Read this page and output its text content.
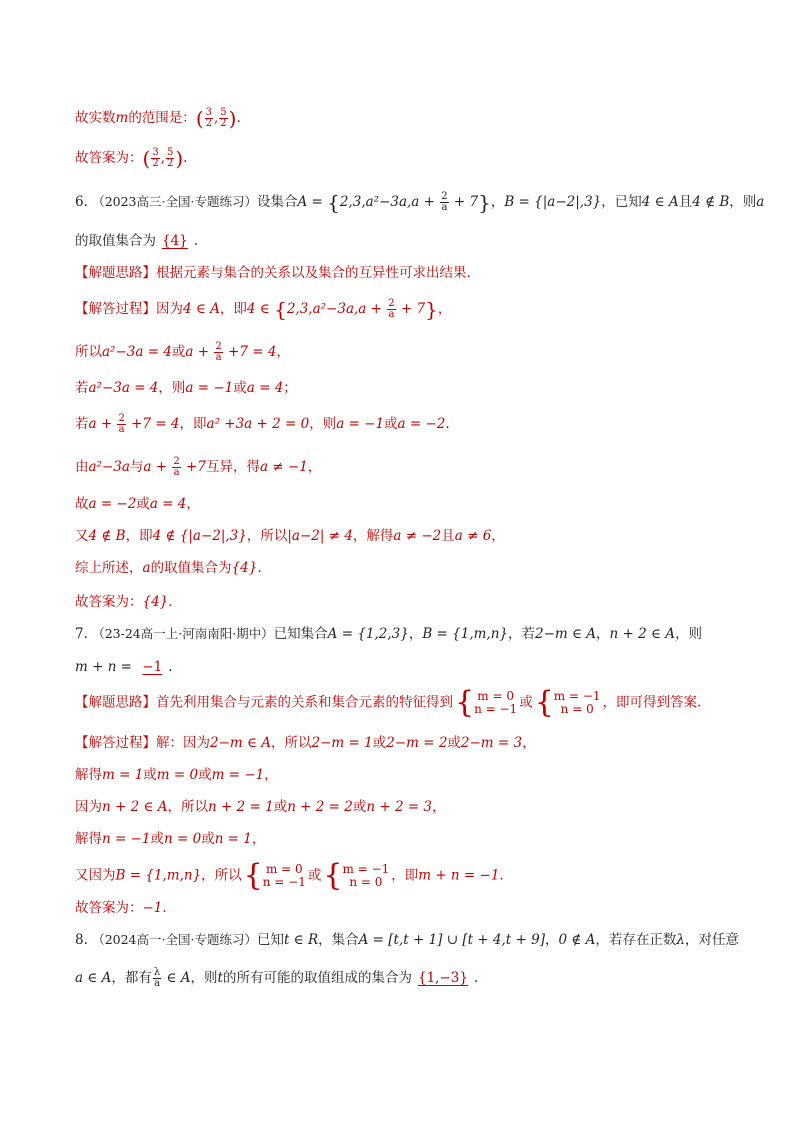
故实数m的范围是：( $\frac{3}{2}$ , $\frac{5}{2}$ ).
故答案为：( $\frac{3}{2}$ , $\frac{5}{2}$ ).
6. （2023高三·全国·专题练习）设集合$A = \{2,3,a^2-3a,a + \frac{2}{a} + 7\}$，B = {|a−2|,3}，已知4 ∈ A且4 ∉ B，则a
的取值集合为 {4} .
【解题思路】根据元素与集合的关系以及集合的互异性可求出结果.
【解答过程】因为4 ∈ A，即4 ∈ $\{2,3,a^2-3a,a + \frac{2}{a} + 7\}$，
所以a²−3a = 4或$a + \frac{2}{a} +7 = 4$，
若a²−3a = 4，则a = −1或a = 4；
若$a + \frac{2}{a} +7 = 4$，即a² +3a + 2 = 0，则a = −1或a = −2.
由a²−3a与$a + \frac{2}{a} +7$互异，得a ≠ −1，
故a = −2或a = 4，
又4 ∉ B，即4 ∉ {|a−2|,3}，所以|a−2| ≠ 4，解得a ≠ −2且a ≠ 6，
综上所述，a的取值集合为{4}.
故答案为：{4}.
7. （23-24高一上·河南南阳·期中）已知集合A = {1,2,3}，B = {1,m,n}，若2−m ∈ A，n + 2 ∈ A，则
m + n = −1 .
【解题思路】首先利用集合与元素的关系和集合元素的特征得到{ m = 0
n = −1 或{ m = −1
n = 0 ，即可得到答案.
【解答过程】解：因为2−m ∈ A，所以2−m = 1或2−m = 2或2−m = 3，
解得m = 1或m = 0或m = −1，
因为n + 2 ∈ A，所以n + 2 = 1或n + 2 = 2或n + 2 = 3，
解得n = −1或n = 0或n = 1，
又因为B = {1,m,n}，所以{ m = 0
n = −1 或{ m = −1
n = 0 ，即m + n = −1.
故答案为：−1.
8. （2024高一·全国·专题练习）已知t ∈ R，集合A = [t,t + 1] ∪ [t + 4,t + 9]，0 ∉ A，若存在正数λ，对任意
a ∈ A，都有 $\frac{\lambda}{a}$ ∈ A，则t的所有可能的取值组成的集合为 {1,−3} .
